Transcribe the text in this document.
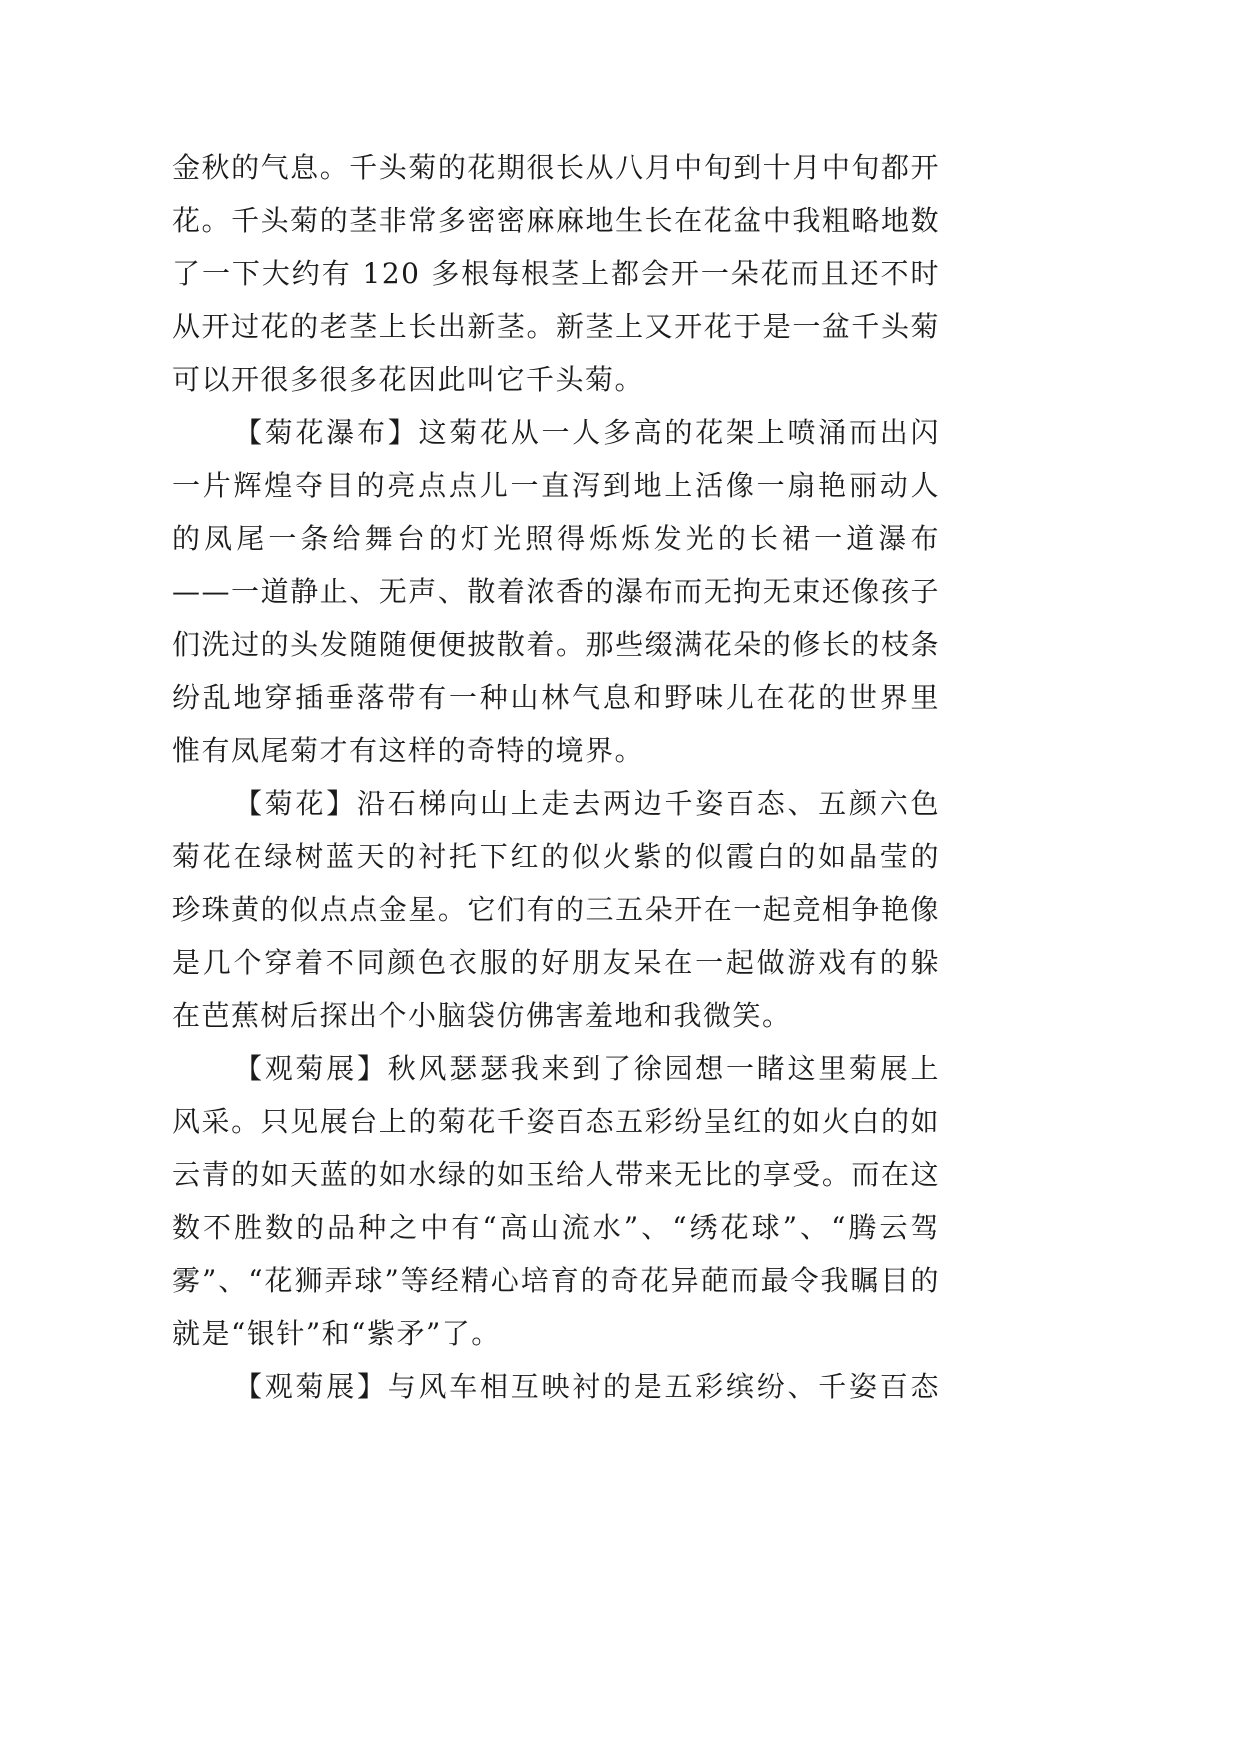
金秋的气息。千头菊的花期很长从八月中旬到十月中旬都开
花。千头菊的茎非常多密密麻麻地生长在花盆中我粗略地数
了一下大约有 120 多根每根茎上都会开一朵花而且还不时
从开过花的老茎上长出新茎。新茎上又开花于是一盆千头菊
可以开很多很多花因此叫它千头菊。
【菊花瀑布】这菊花从一人多高的花架上喷涌而出闪
一片辉煌夺目的亮点点儿一直泻到地上活像一扇艳丽动人
的凤尾一条给舞台的灯光照得烁烁发光的长裙一道瀑布
——一道静止、无声、散着浓香的瀑布而无拘无束还像孩子
们洗过的头发随随便便披散着。那些缀满花朵的修长的枝条
纷乱地穿插垂落带有一种山林气息和野味儿在花的世界里
惟有凤尾菊才有这样的奇特的境界。
【菊花】沿石梯向山上走去两边千姿百态、五颜六色
菊花在绿树蓝天的衬托下红的似火紫的似霞白的如晶莹的
珍珠黄的似点点金星。它们有的三五朵开在一起竞相争艳像
是几个穿着不同颜色衣服的好朋友呆在一起做游戏有的躲
在芭蕉树后探出个小脑袋仿佛害羞地和我微笑。
【观菊展】秋风瑟瑟我来到了徐园想一睹这里菊展上
风采。只见展台上的菊花千姿百态五彩纷呈红的如火白的如
云青的如天蓝的如水绿的如玉给人带来无比的享受。而在这
数不胜数的品种之中有“高山流水”、“绣花球”、“腾云驾
雾”、“花狮弄球”等经精心培育的奇花异葩而最令我瞩目的
就是“银针”和“紫矛”了。
【观菊展】与风车相互映衬的是五彩缤纷、千姿百态
